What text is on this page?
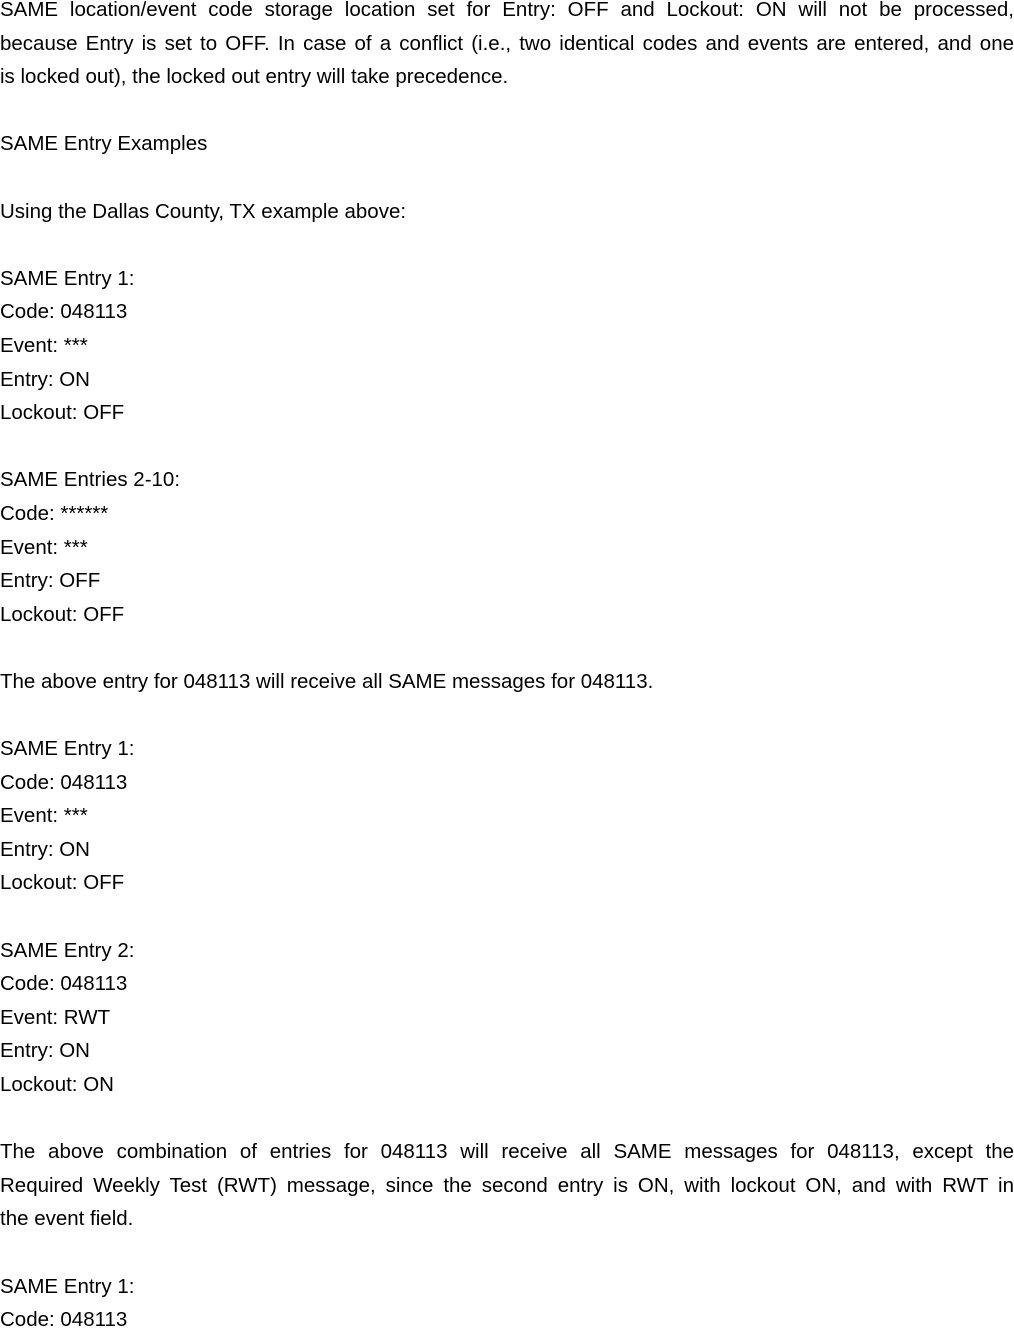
SAME location/event code storage location set for Entry: OFF and Lockout: ON will not be processed,
because Entry is set to OFF. In case of a conflict (i.e., two identical codes and events are entered, and one
is locked out), the locked out entry will take precedence.
SAME Entry Examples
Using the Dallas County, TX example above:
SAME Entry 1:
Code: 048113
Event: ***
Entry: ON
Lockout: OFF
SAME Entries 2-10:
Code: ******
Event: ***
Entry: OFF
Lockout: OFF
The above entry for 048113 will receive all SAME messages for 048113.
SAME Entry 1:
Code: 048113
Event: ***
Entry: ON
Lockout: OFF
SAME Entry 2:
Code: 048113
Event: RWT
Entry: ON
Lockout: ON
The above combination of entries for 048113 will receive all SAME messages for 048113, except the
Required Weekly Test (RWT) message, since the second entry is ON, with lockout ON, and with RWT in
the event field.
SAME Entry 1:
Code: 048113
